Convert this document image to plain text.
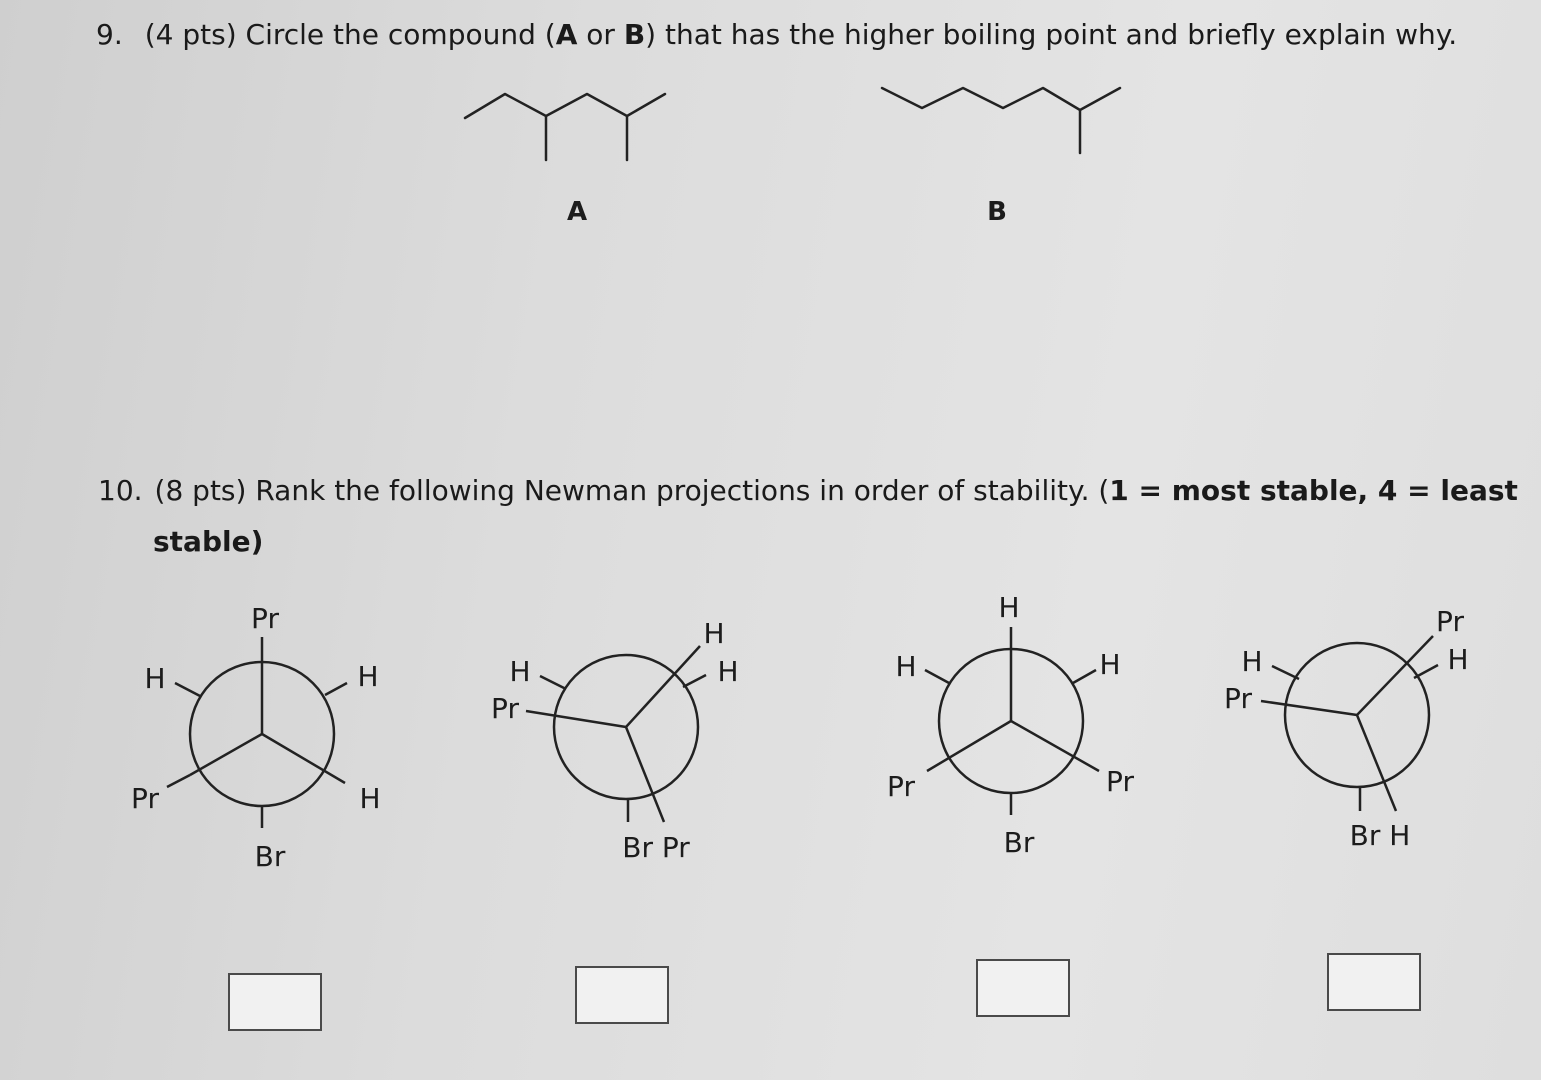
9. (4 pts) Circle the compound (A or B) that has the higher boiling point and briefly explain why.
10. (8 pts) Rank the following Newman projections in order of stability. (1 = most stable, 4 = least
stable)
A	B
Pr
H	H
Pr	H
Br
H
Pr
H
H
Br Pr
H
H	H
Pr	Pr
Br
H
Pr
Pr
H
Br H
